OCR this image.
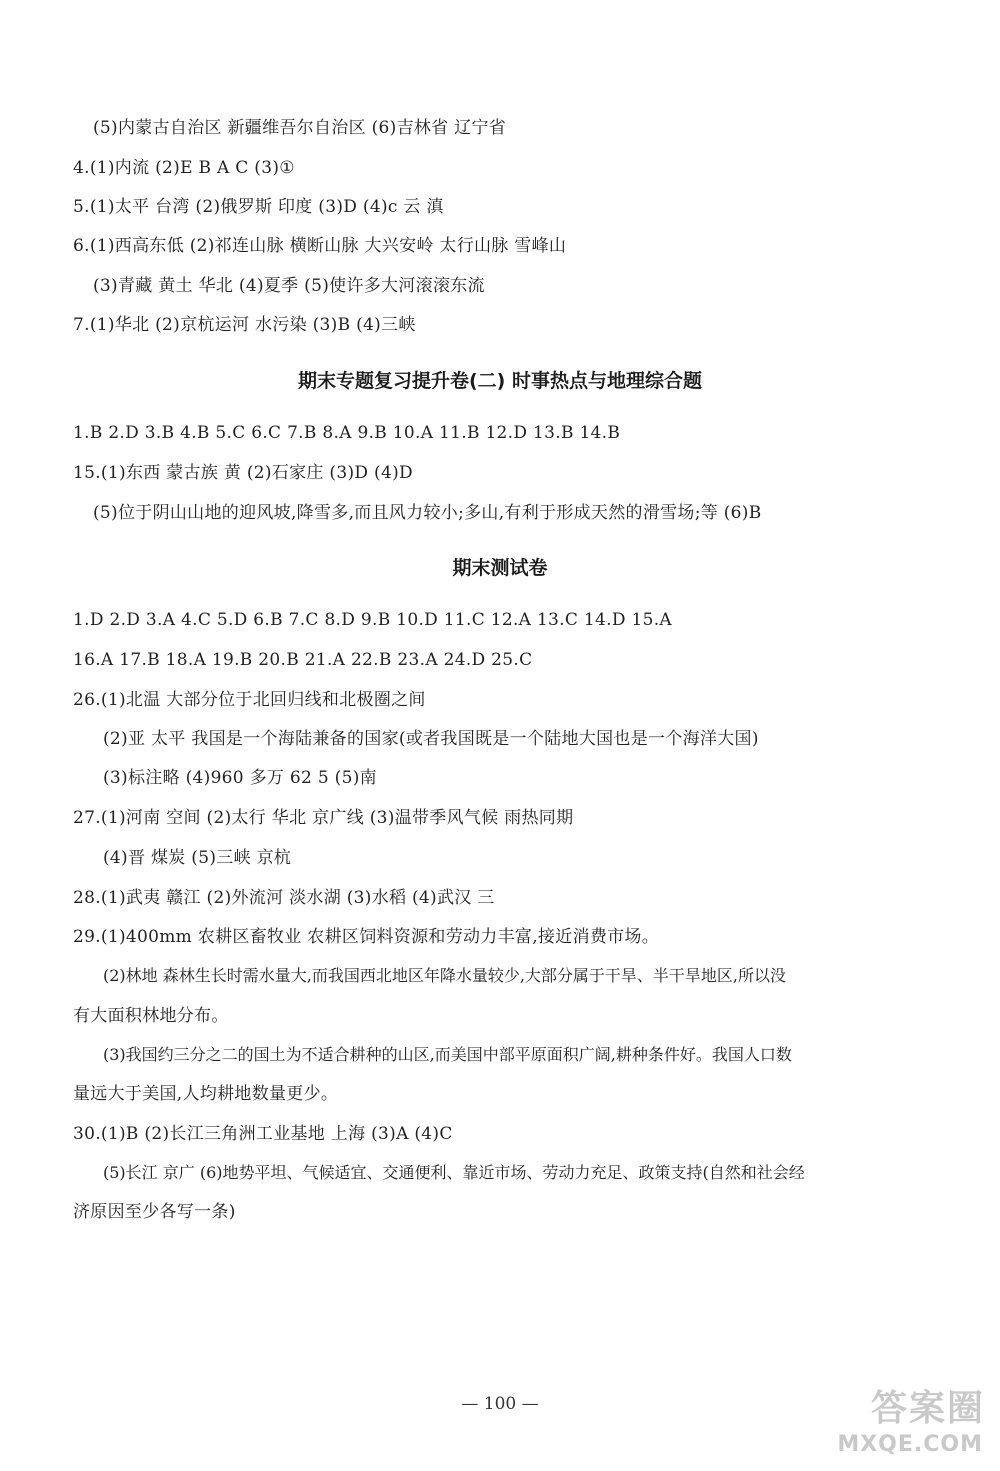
(5)内蒙古自治区 新疆维吾尔自治区 (6)吉林省 辽宁省
4.(1)内流 (2)E B A C (3)①
5.(1)太平 台湾 (2)俄罗斯 印度 (3)D (4)c 云 滇
6.(1)西高东低 (2)祁连山脉 横断山脉 大兴安岭 太行山脉 雪峰山
(3)青藏 黄土 华北 (4)夏季 (5)使许多大河滚滚东流
7.(1)华北 (2)京杭运河 水污染 (3)B (4)三峡
期末专题复习提升卷(二) 时事热点与地理综合题
1.B 2.D 3.B 4.B 5.C 6.C 7.B 8.A 9.B 10.A 11.B 12.D 13.B 14.B
15.(1)东西 蒙古族 黄 (2)石家庄 (3)D (4)D
(5)位于阴山山地的迎风坡,降雪多,而且风力较小;多山,有利于形成天然的滑雪场;等 (6)B
期末测试卷
1.D 2.D 3.A 4.C 5.D 6.B 7.C 8.D 9.B 10.D 11.C 12.A 13.C 14.D 15.A
16.A 17.B 18.A 19.B 20.B 21.A 22.B 23.A 24.D 25.C
26.(1)北温 大部分位于北回归线和北极圈之间
(2)亚 太平 我国是一个海陆兼备的国家(或者我国既是一个陆地大国也是一个海洋大国)
(3)标注略 (4)960 多万 62 5 (5)南
27.(1)河南 空间 (2)太行 华北 京广线 (3)温带季风气候 雨热同期
(4)晋 煤炭 (5)三峡 京杭
28.(1)武夷 赣江 (2)外流河 淡水湖 (3)水稻 (4)武汉 三
29.(1)400mm 农耕区畜牧业 农耕区饲料资源和劳动力丰富,接近消费市场。
(2)林地 森林生长时需水量大,而我国西北地区年降水量较少,大部分属于干旱、半干旱地区,所以没
有大面积林地分布。
(3)我国约三分之二的国土为不适合耕种的山区,而美国中部平原面积广阔,耕种条件好。我国人口数
量远大于美国,人均耕地数量更少。
30.(1)B (2)长江三角洲工业基地 上海 (3)A (4)C
(5)长江 京广 (6)地势平坦、气候适宜、交通便利、靠近市场、劳动力充足、政策支持(自然和社会经
济原因至少各写一条)
— 100 —	答案圈
MXQE.COM
